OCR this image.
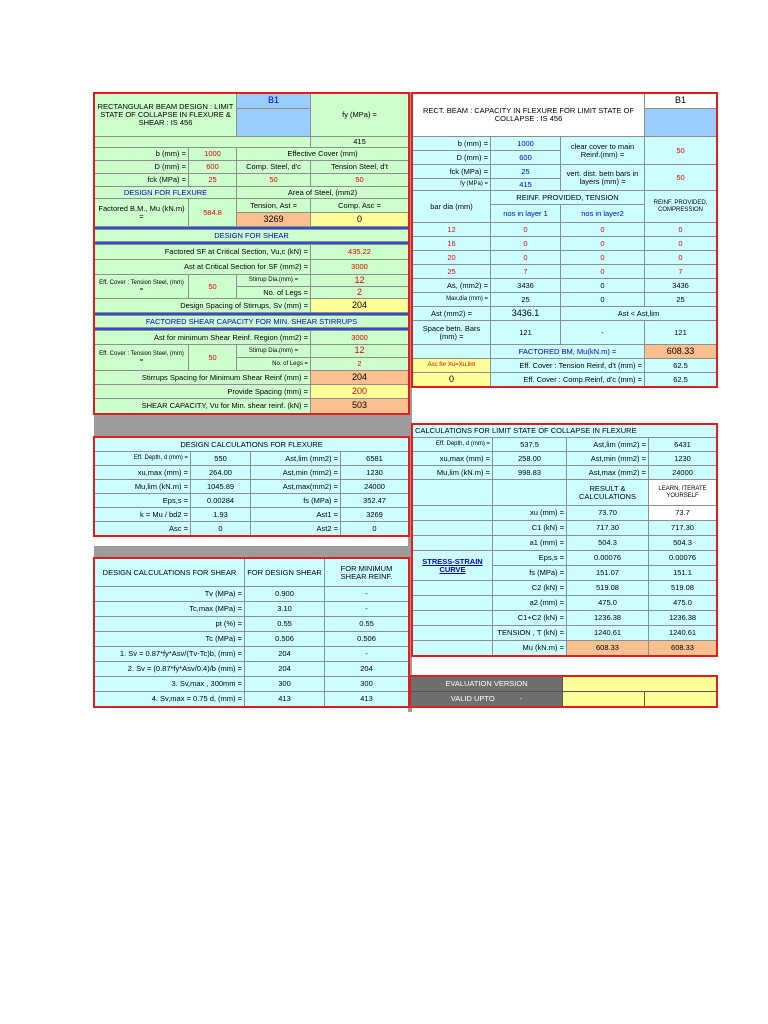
RECTANGULAR BEAM DESIGN : LIMIT STATE OF COLLAPSE IN FLEXURE & SHEAR : IS 456		B1	fy (MPa) =

			415
b (mm) =	1000	Effective Cover (mm)	
D (mm) =	600	Comp. Steel, d'c	Tension Steel, d't
fck (MPa) =	25	50	50
DESIGN FOR FLEXURE		Area of Steel, (mm2)	
Factored B.M., Mu (kN.m) =	584.8	Tension, Ast =	Comp. Asc =
		3269	0

DESIGN FOR SHEAR			

Factored SF at Critical Section, Vu,c (kN) =			435.22
Ast at Critical Section for SF (mm2) =			3000
Eff. Cover : Tension Steel, (mm) =	50	Stirrup Dia.(mm) =	12
		No. of Legs =	2
Design Spacing of Stirrups, Sv (mm) =			204

FACTORED SHEAR CAPACITY FOR MIN. SHEAR STIRRUPS			

Ast for minimum Shear Reinf. Region (mm2) =			3000
Eff. Cover : Tension Steel, (mm) =	50	Stirrup Dia.(mm) =	12
		No. of Legs =	2
Stirrups Spacing for Minimum Shear Reinf (mm) =			204
Provide Spacing (mm) =			200
SHEAR CAPACITY, Vu for Min. shear reinf. (kN) =			503
RECT. BEAM : CAPACITY IN FLEXURE FOR LIMIT STATE OF COLLAPSE : IS 456			B1

b (mm) =	1000	clear cover to main Reinf.(mm) =	50
D (mm) =	600		
fck (MPa) =	25	vert. dist. betn bars in layers (mm) =	50
fy (MPa) =	415		
bar dia (mm)	REINF. PROVIDED, TENSION		REINF. PROVIDED, COMPRESSION
	nos in layer 1	nos in layer2	
12	0	0	0
16	0	0	0
20	0	0	0
25	7	0	7
As, (mm2) =	3436	0	3436
Max.dia (mm) =	25	0	25
Ast (mm2) =	3436.1	Ast < Ast,lim	
Space betn. Bars (mm) =	121	-	121
	FACTORED BM, Mu(kN.m) =		608.33
Asc for Xu=Xu,lim	Eff. Cover : Tension Reinf, d't (mm) =		62.5
0	Eff. Cover : Comp.Reinf, d'c (mm) =		62.5
DESIGN CALCULATIONS FOR FLEXURE			
Eff. Depth, d (mm) =	550	Ast,lim (mm2) =	6581
xu,max (mm) =	264.00	Ast,min (mm2) =	1230
Mu,lim (kN.m) =	1045.89	Ast,max(mm2) =	24000
Eps,s =	0.00284	fs (MPa) =	352.47
k = Mu / bd2 =	1.93	Ast1 =	3269
Asc =	0	Ast2 =	0
DESIGN CALCULATIONS FOR SHEAR	FOR DESIGN SHEAR	FOR MINIMUM SHEAR REINF.
Tv (MPa) =	0.900	-
Tc,max (MPa) =	3.10	-
pt (%) =	0.55	0.55
Tc (MPa) =	0.506	0.506
1. Sv = 0.87*fy*Asv/(Tv-Tc)b, (mm) =	204	-
2. Sv = (0.87*fy*Asv/0.4)/b (mm) =	204	204
3. Sv,max , 300mm =	300	300
4. Sv,max = 0.75 d, (mm) =	413	413
CALCULATIONS FOR LIMIT STATE OF COLLAPSE IN FLEXURE			
Eff. Depth, d (mm) =	537.5	Ast,lim (mm2) =	6431
xu,max (mm) =	258.00	Ast,min (mm2) =	1230
Mu,lim (kN.m) =	998.83	Ast,max (mm2) =	24000
		RESULT & CALCULATIONS	LEARN, ITERATE YOURSELF
	xu (mm) =	73.70	73.7
	C1 (kN) =	717.30	717.30
	a1 (mm) =	504.3	504.3
STRESS-STRAIN CURVE	Eps,s =	0.00076	0.00076
	fs (MPa) =	151.07	151.1
	C2 (kN) =	519.08	519.08
	a2 (mm) =	475.0	475.0
	C1+C2 (kN) =	1236.38	1236.38
	TENSION , T (kN) =	1240.61	1240.61
	Mu (kN.m) =	608.33	608.33
EVALUATION VERSION		
VALID UPTO -		
